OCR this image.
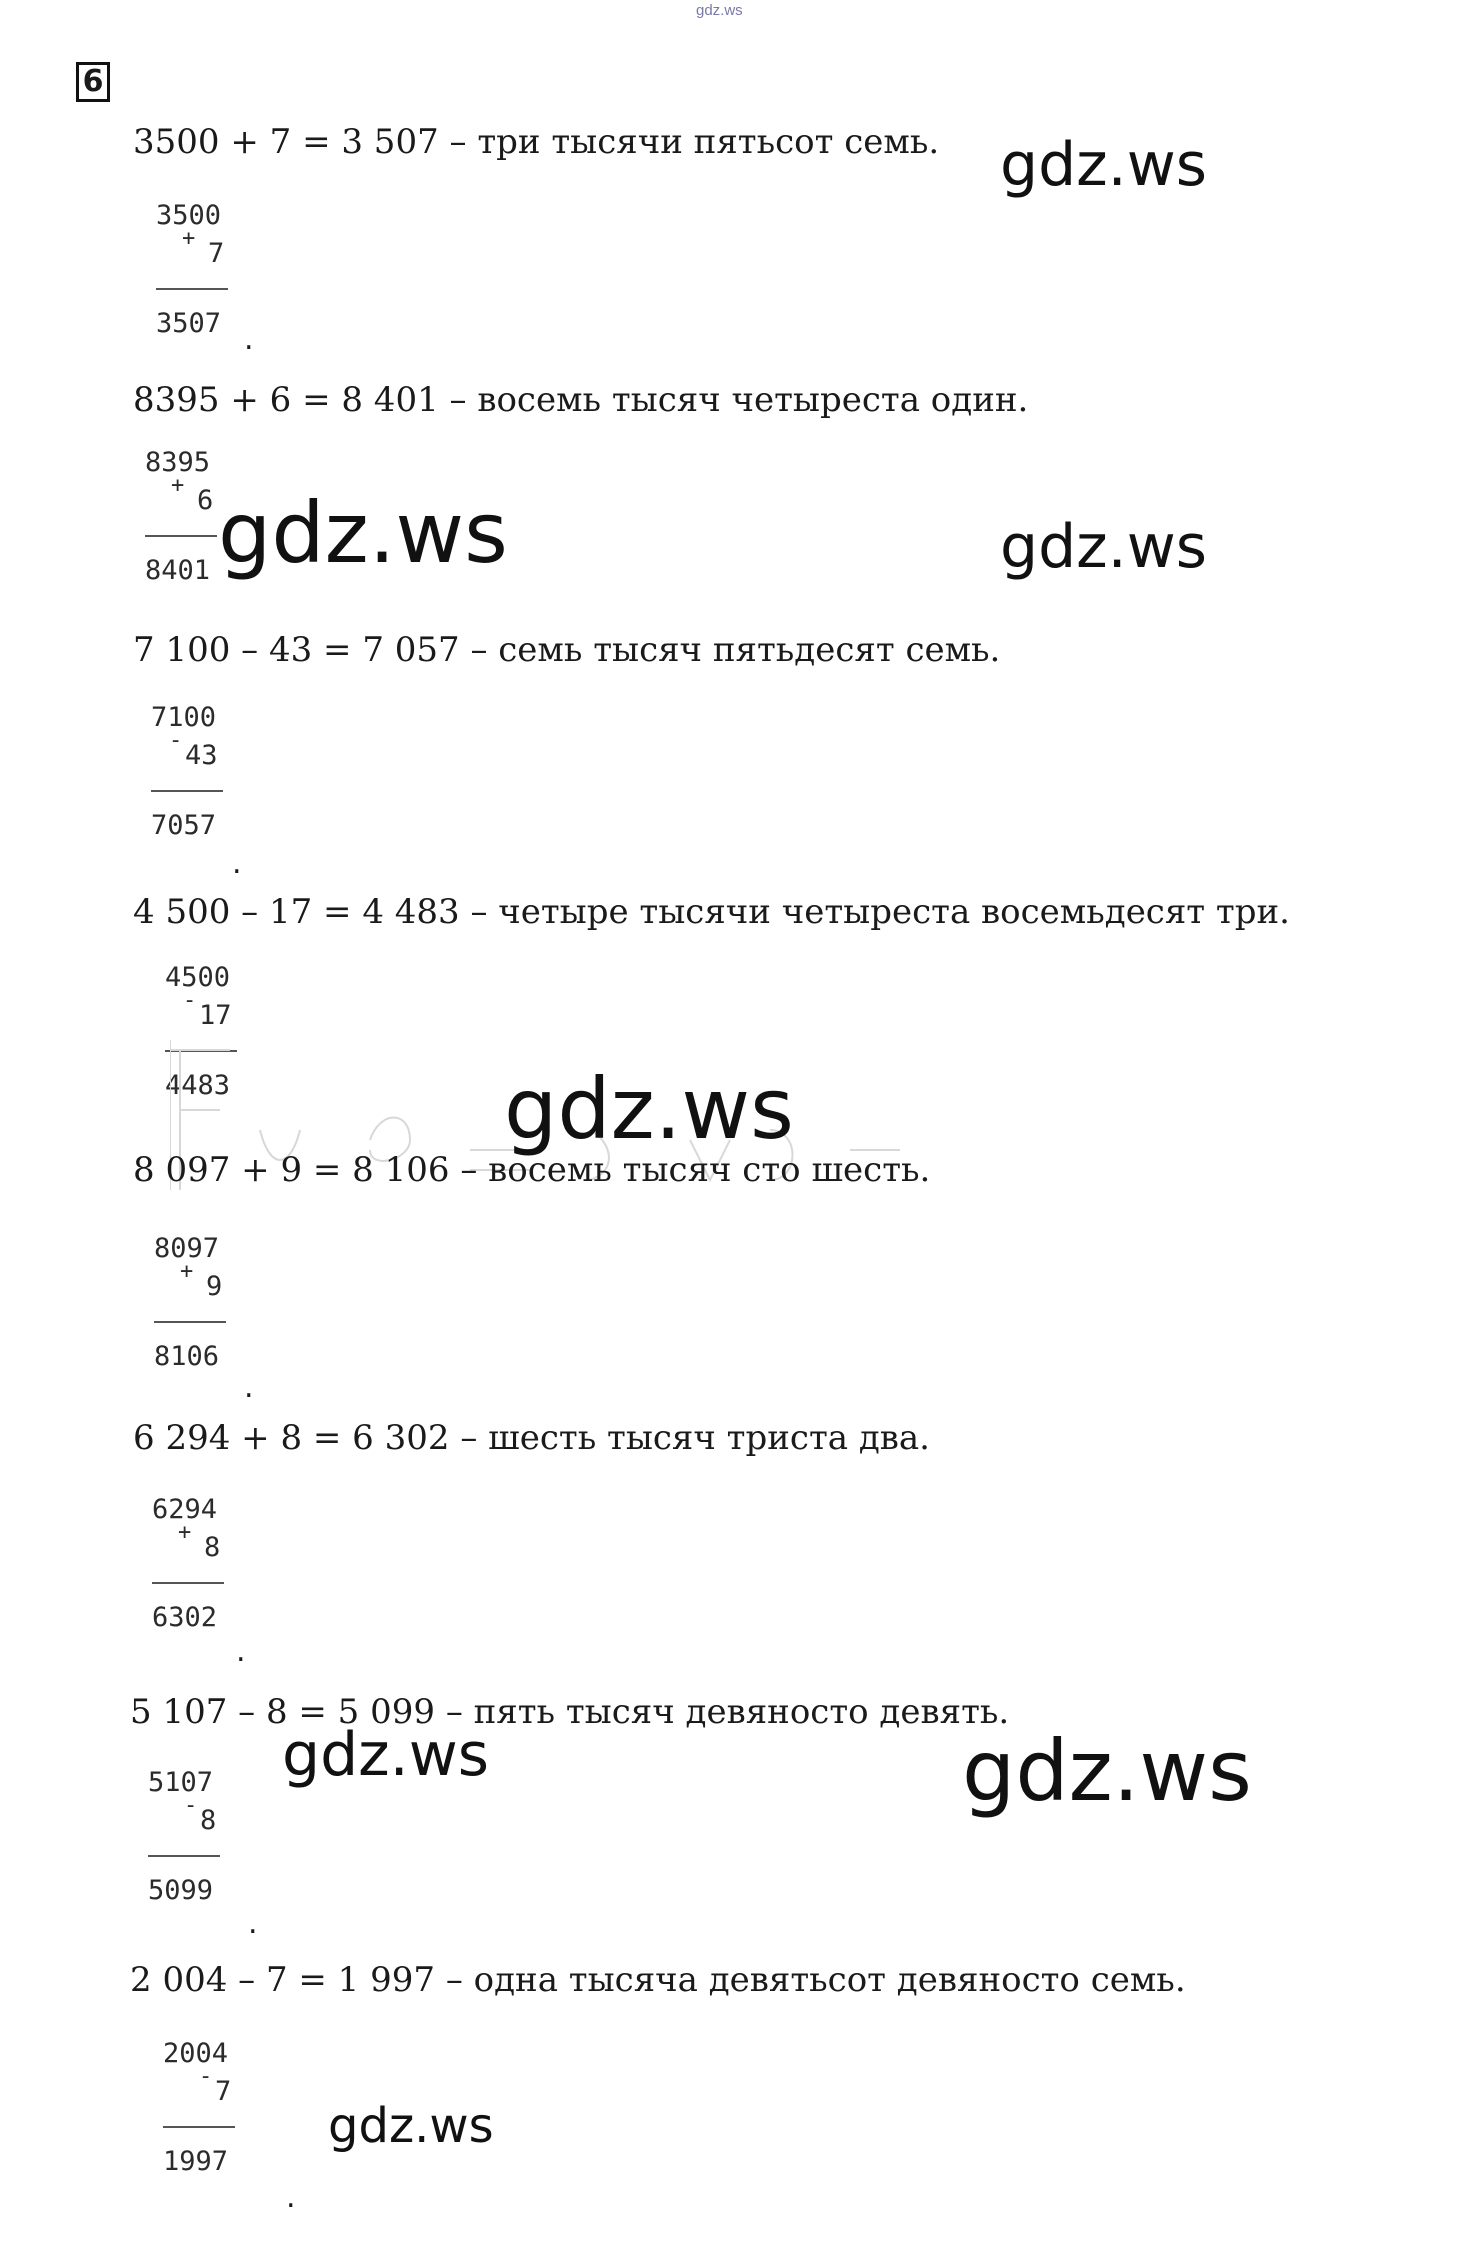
gdz.ws
6
3500 + 7 = 3 507 – три тысячи пятьсот семь.
3500
+ 7
3507 .
8395 + 6 = 8 401 – восемь тысяч четыреста один.
8395
+ 6
8401
7 100 – 43 = 7 057 – семь тысяч пятьдесят семь.
7100
- 43
7057
.
4 500 – 17 = 4 483 – четыре тысячи четыреста восемьдесят три.
4500
- 17
4483
8 097 + 9 = 8 106 – восемь тысяч сто шесть.
8097
+ 9
8106
.
6 294 + 8 = 6 302 – шесть тысяч триста два.
6294
+ 8
6302
.
5 107 – 8 = 5 099 – пять тысяч девяносто девять.
5107
- 8
5099
.
2 004 – 7 = 1 997 – одна тысяча девятьсот девяносто семь.
2004
- 7
1997
.
gdz.ws
gdz.ws	gdz.ws
gdz.ws
gdz.ws	gdz.ws
gdz.ws
